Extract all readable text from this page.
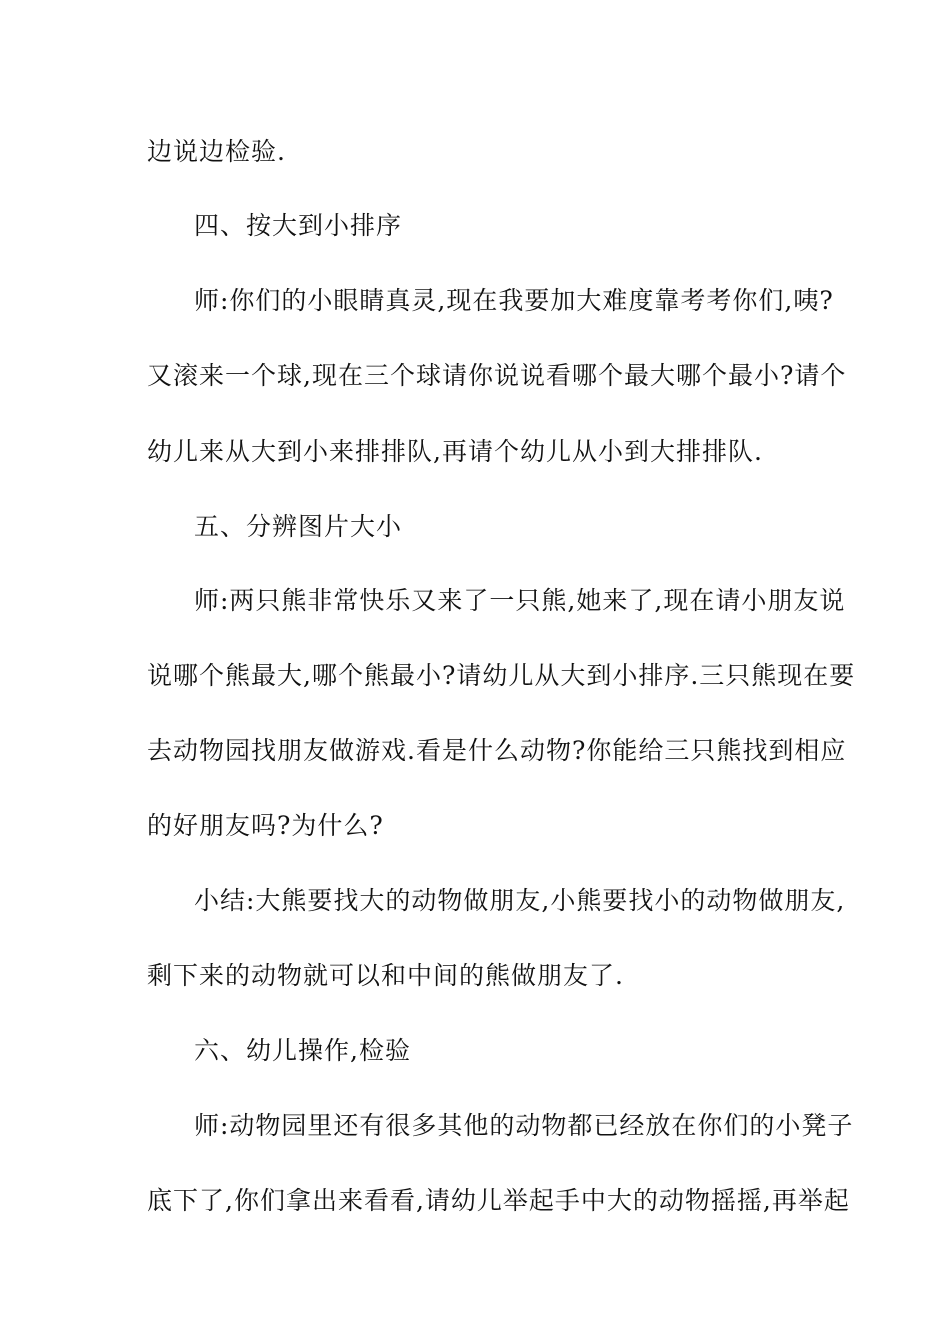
边说边检验.
四、按大到小排序
师:你们的小眼睛真灵,现在我要加大难度靠考考你们,咦?
又滚来一个球,现在三个球请你说说看哪个最大哪个最小?请个
幼儿来从大到小来排排队,再请个幼儿从小到大排排队.
五、分辨图片大小
师:两只熊非常快乐又来了一只熊,她来了,现在请小朋友说
说哪个熊最大,哪个熊最小?请幼儿从大到小排序.三只熊现在要
去动物园找朋友做游戏.看是什么动物?你能给三只熊找到相应
的好朋友吗?为什么?
小结:大熊要找大的动物做朋友,小熊要找小的动物做朋友,
剩下来的动物就可以和中间的熊做朋友了.
六、幼儿操作,检验
师:动物园里还有很多其他的动物都已经放在你们的小凳子
底下了,你们拿出来看看,请幼儿举起手中大的动物摇摇,再举起
